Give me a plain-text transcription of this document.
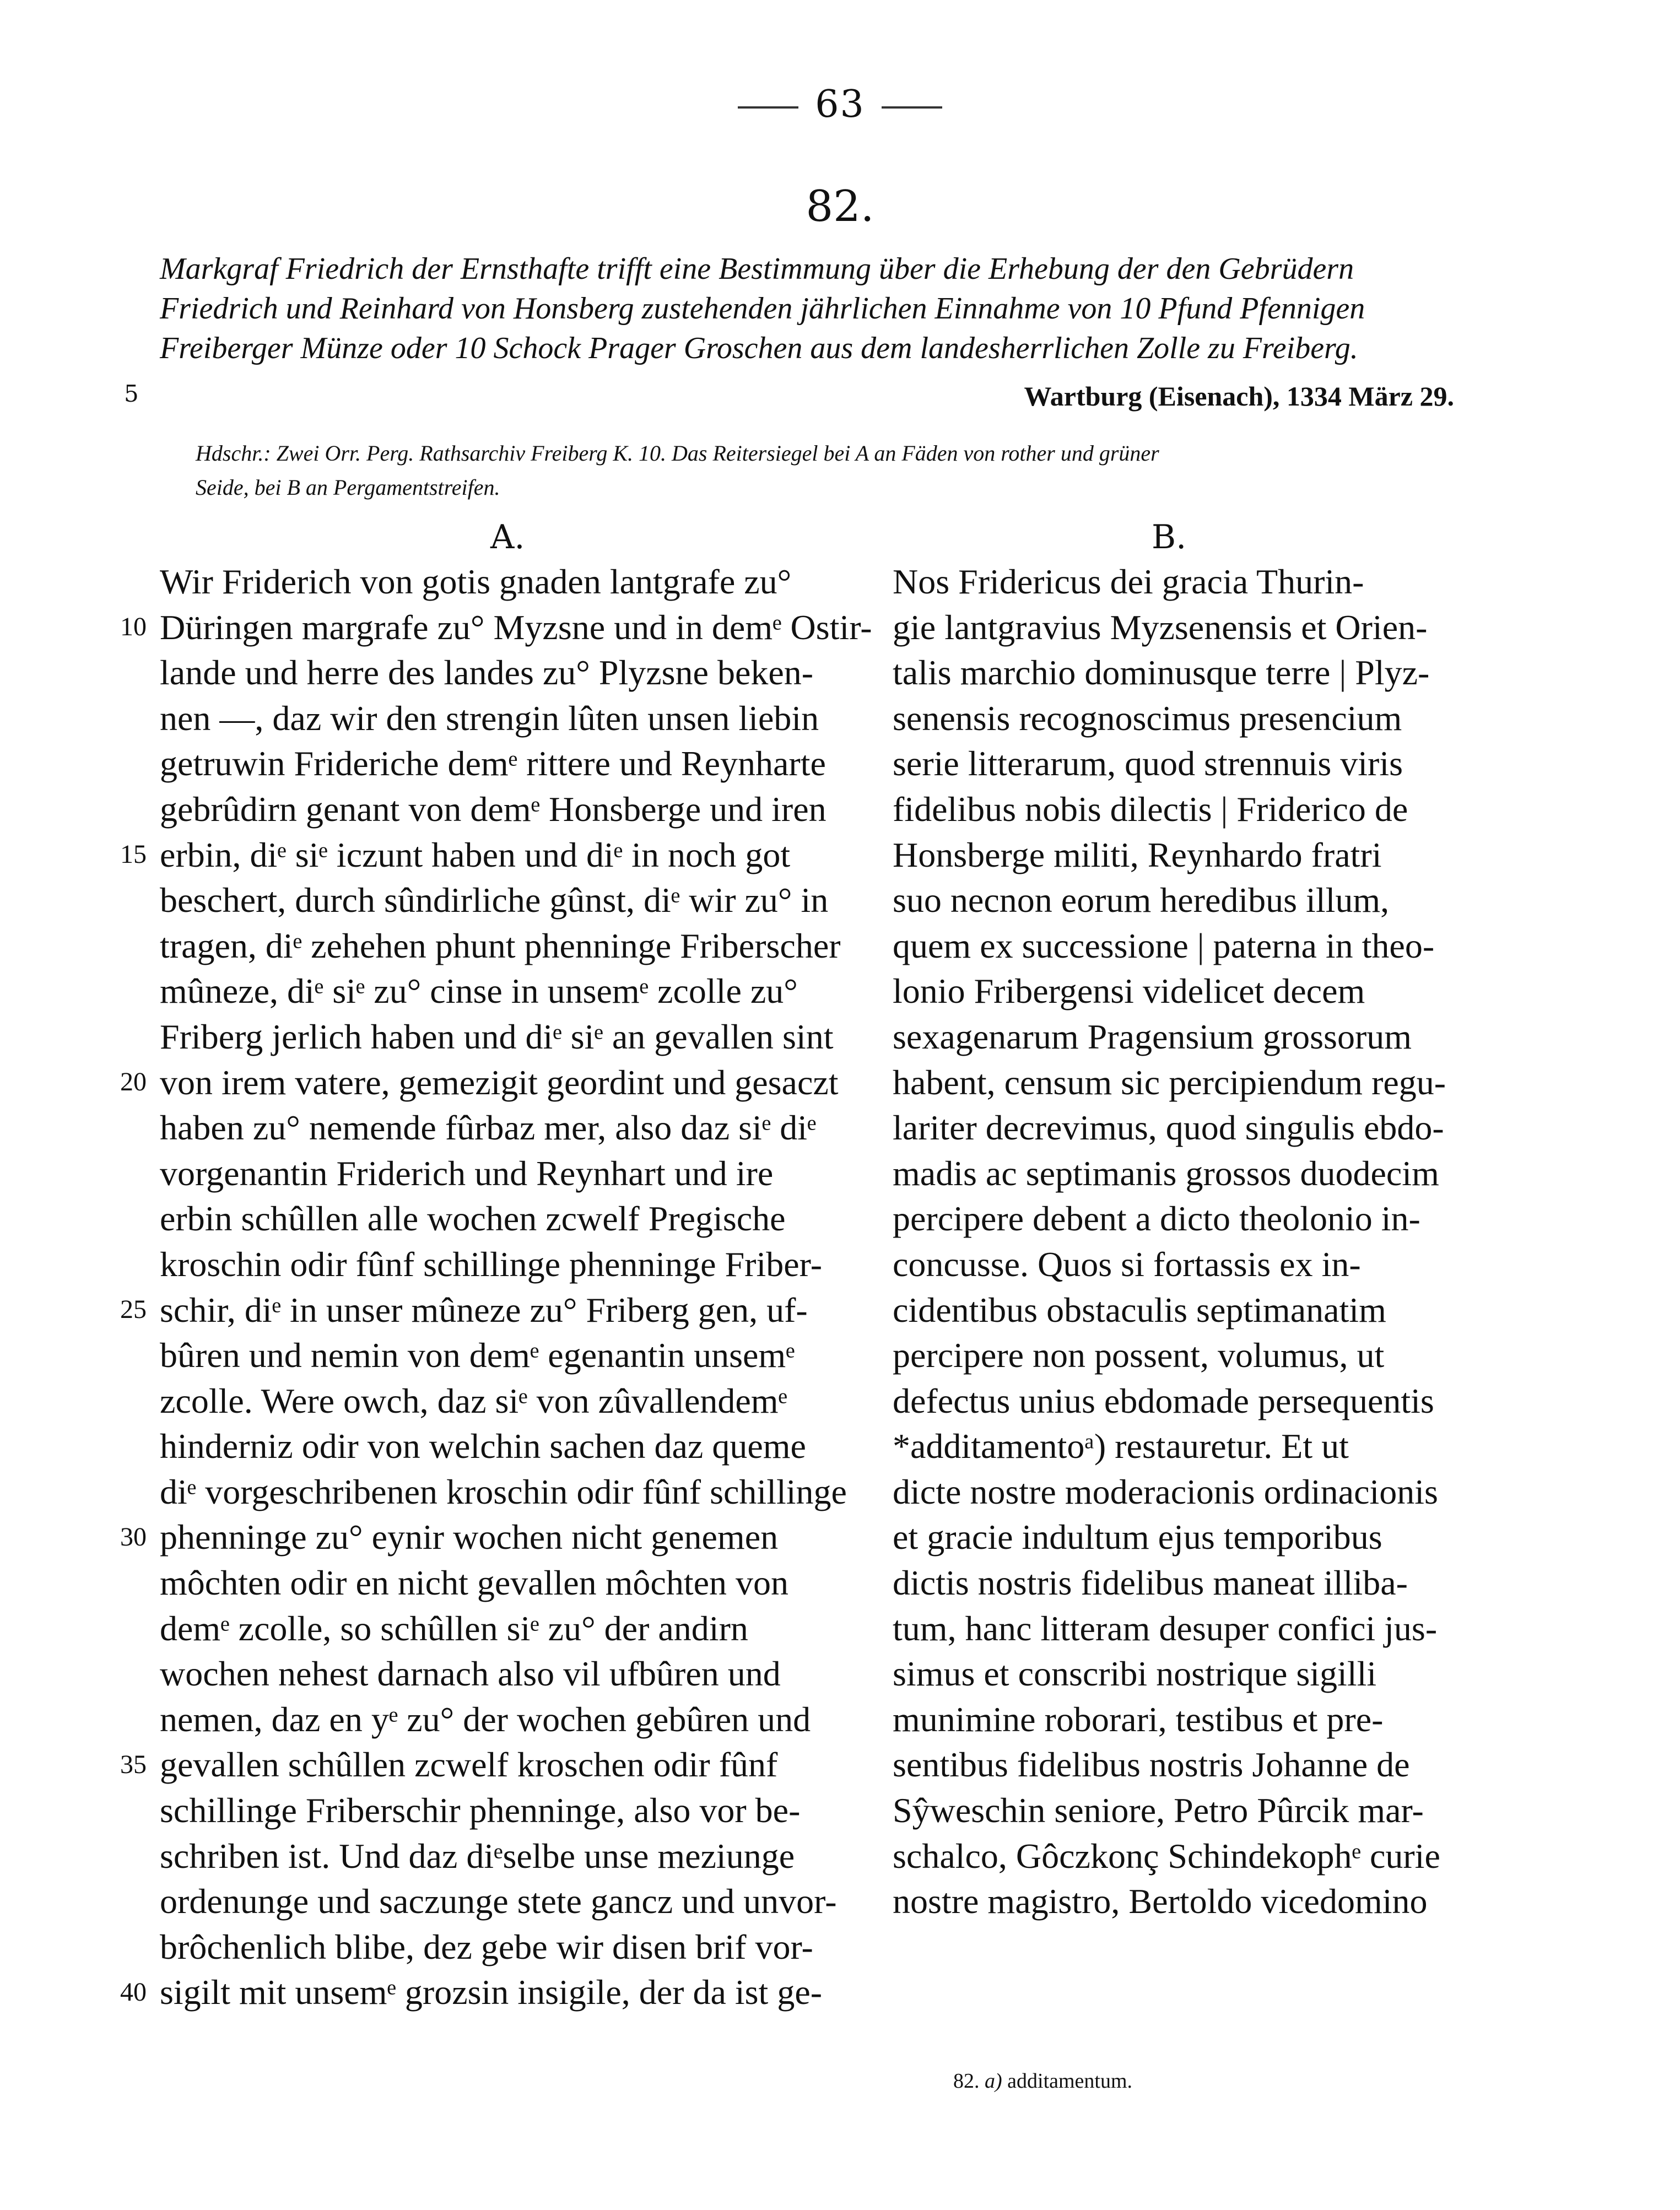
63
82.
Markgraf Friedrich der Ernsthafte trifft eine Bestimmung über die Erhebung der den Gebrüdern
Friedrich und Reinhard von Honsberg zustehenden jährlichen Einnahme von 10 Pfund Pfennigen
Freiberger Münze oder 10 Schock Prager Groschen aus dem landesherrlichen Zolle zu Freiberg.
5	Wartburg (Eisenach), 1334 März 29.
Hdschr.: Zwei Orr. Perg. Rathsarchiv Freiberg K. 10. Das Reitersiegel bei A an Fäden von rother und grüner
Seide, bei B an Pergamentstreifen.
A.	B.
Wir Friderich von gotis gnaden lantgrafe zu°
Düringen margrafe zu° Myzsne und in demᵉ Ostir-
lande und herre des landes zu° Plyzsne beken-
nen —, daz wir den strengin lûten unsen liebin
getruwin Frideriche demᵉ rittere und Reynharte
gebrûdirn genant von demᵉ Honsberge und iren
erbin, diᵉ siᵉ iczunt haben und diᵉ in noch got
beschert, durch sûndirliche gûnst, diᵉ wir zu° in
tragen, diᵉ zehehen phunt phenninge Friberscher
mûneze, diᵉ siᵉ zu° cinse in unsemᵉ zcolle zu°
Friberg jerlich haben und diᵉ siᵉ an gevallen sint
von irem vatere, gemezigit geordint und gesaczt
haben zu° nemende fûrbaz mer, also daz siᵉ diᵉ
vorgenantin Friderich und Reynhart und ire
erbin schûllen alle wochen zcwelf Pregische
kroschin odir fûnf schillinge phenninge Friber-
schir, diᵉ in unser mûneze zu° Friberg gen, uf-
bûren und nemin von demᵉ egenantin unsemᵉ
zcolle. Were owch, daz siᵉ von zûvallendemᵉ
hinderniz odir von welchin sachen daz queme
diᵉ vorgeschribenen kroschin odir fûnf schillinge
phenninge zu° eynir wochen nicht genemen
môchten odir en nicht gevallen môchten von
demᵉ zcolle, so schûllen siᵉ zu° der andirn
wochen nehest darnach also vil ufbûren und
nemen, daz en yᵉ zu° der wochen gebûren und
gevallen schûllen zcwelf kroschen odir fûnf
schillinge Friberschir phenninge, also vor be-
schriben ist. Und daz diᵉselbe unse meziunge
ordenunge und saczunge stete gancz und unvor-
brôchenlich blibe, dez gebe wir disen brif vor-
sigilt mit unsemᵉ grozsin insigile, der da ist ge-
Nos Fridericus dei gracia Thurin-
gie lantgravius Myzsenensis et Orien-
talis marchio dominusque terre | Plyz-
senensis recognoscimus presencium
serie litterarum, quod strennuis viris
fidelibus nobis dilectis | Friderico de
Honsberge militi, Reynhardo fratri
suo necnon eorum heredibus illum,
quem ex successione | paterna in theo-
lonio Fribergensi videlicet decem
sexagenarum Pragensium grossorum
habent, censum sic percipiendum regu-
lariter decrevimus, quod singulis ebdo-
madis ac septimanis grossos duodecim
percipere debent a dicto theolonio in-
concusse. Quos si fortassis ex in-
cidentibus obstaculis septimanatim
percipere non possent, volumus, ut
defectus unius ebdomade persequentis
*additamentoᵃ) restauretur. Et ut
dicte nostre moderacionis ordinacionis
et gracie indultum ejus temporibus
dictis nostris fidelibus maneat illiba-
tum, hanc litteram desuper confici jus-
simus et conscribi nostrique sigilli
munimine roborari, testibus et pre-
sentibus fidelibus nostris Johanne de
Sŷweschin seniore, Petro Pûrcik mar-
schalco, Gôczkonç Schindekophᵉ curie
nostre magistro, Bertoldo vicedomino
10
15
20
25
30
35
40
82. a) additamentum.
